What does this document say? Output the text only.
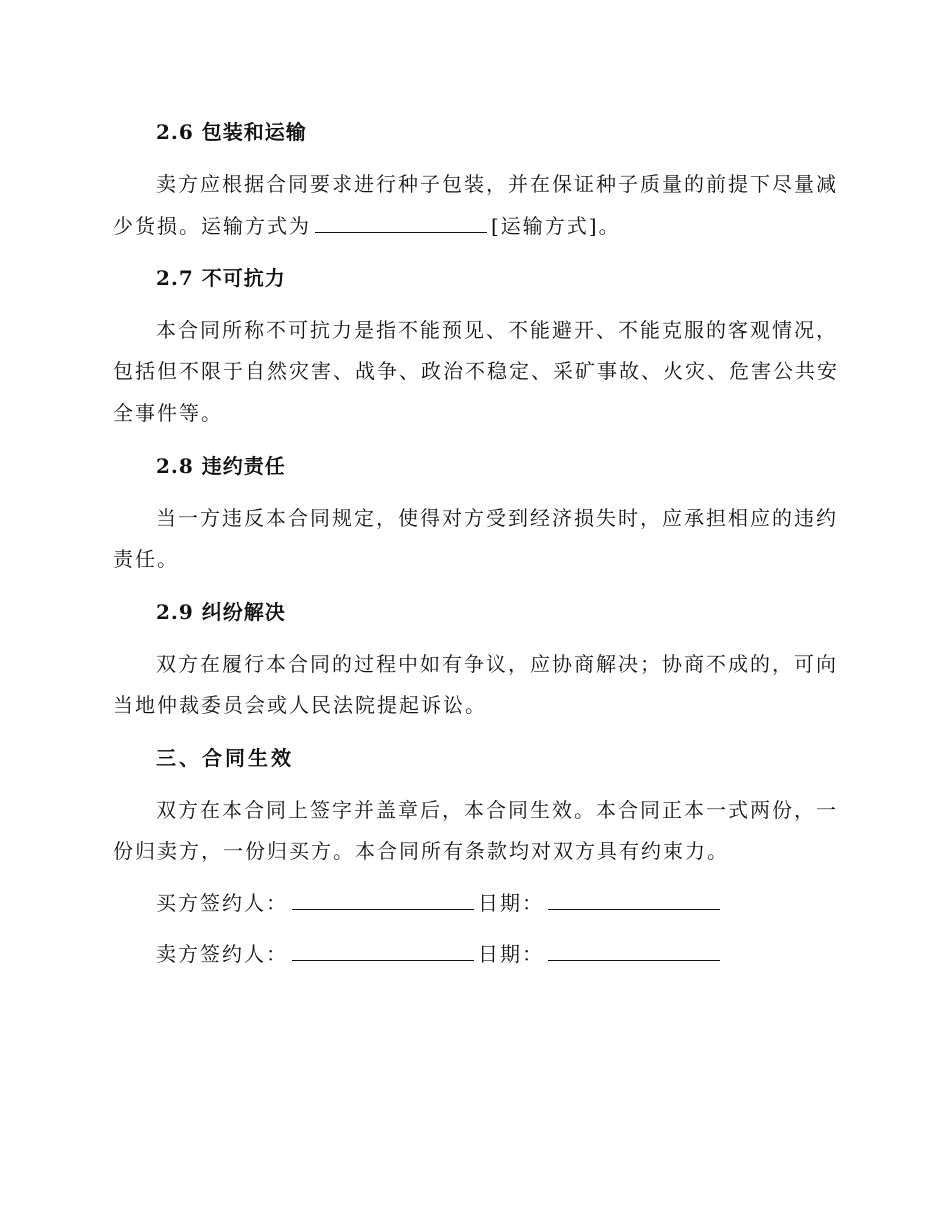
2.6 包装和运输
卖方应根据合同要求进行种子包装，并在保证种子质量的前提下尽量减
少货损。运输方式为	[运输方式]。
2.7 不可抗力
本合同所称不可抗力是指不能预见、不能避开、不能克服的客观情况，
包括但不限于自然灾害、战争、政治不稳定、采矿事故、火灾、危害公共安
全事件等。
2.8 违约责任
当一方违反本合同规定，使得对方受到经济损失时，应承担相应的违约
责任。
2.9 纠纷解决
双方在履行本合同的过程中如有争议，应协商解决；协商不成的，可向
当地仲裁委员会或人民法院提起诉讼。
三、合同生效
双方在本合同上签字并盖章后，本合同生效。本合同正本一式两份，一
份归卖方，一份归买方。本合同所有条款均对双方具有约束力。
买方签约人：	日期：
卖方签约人：	日期：
